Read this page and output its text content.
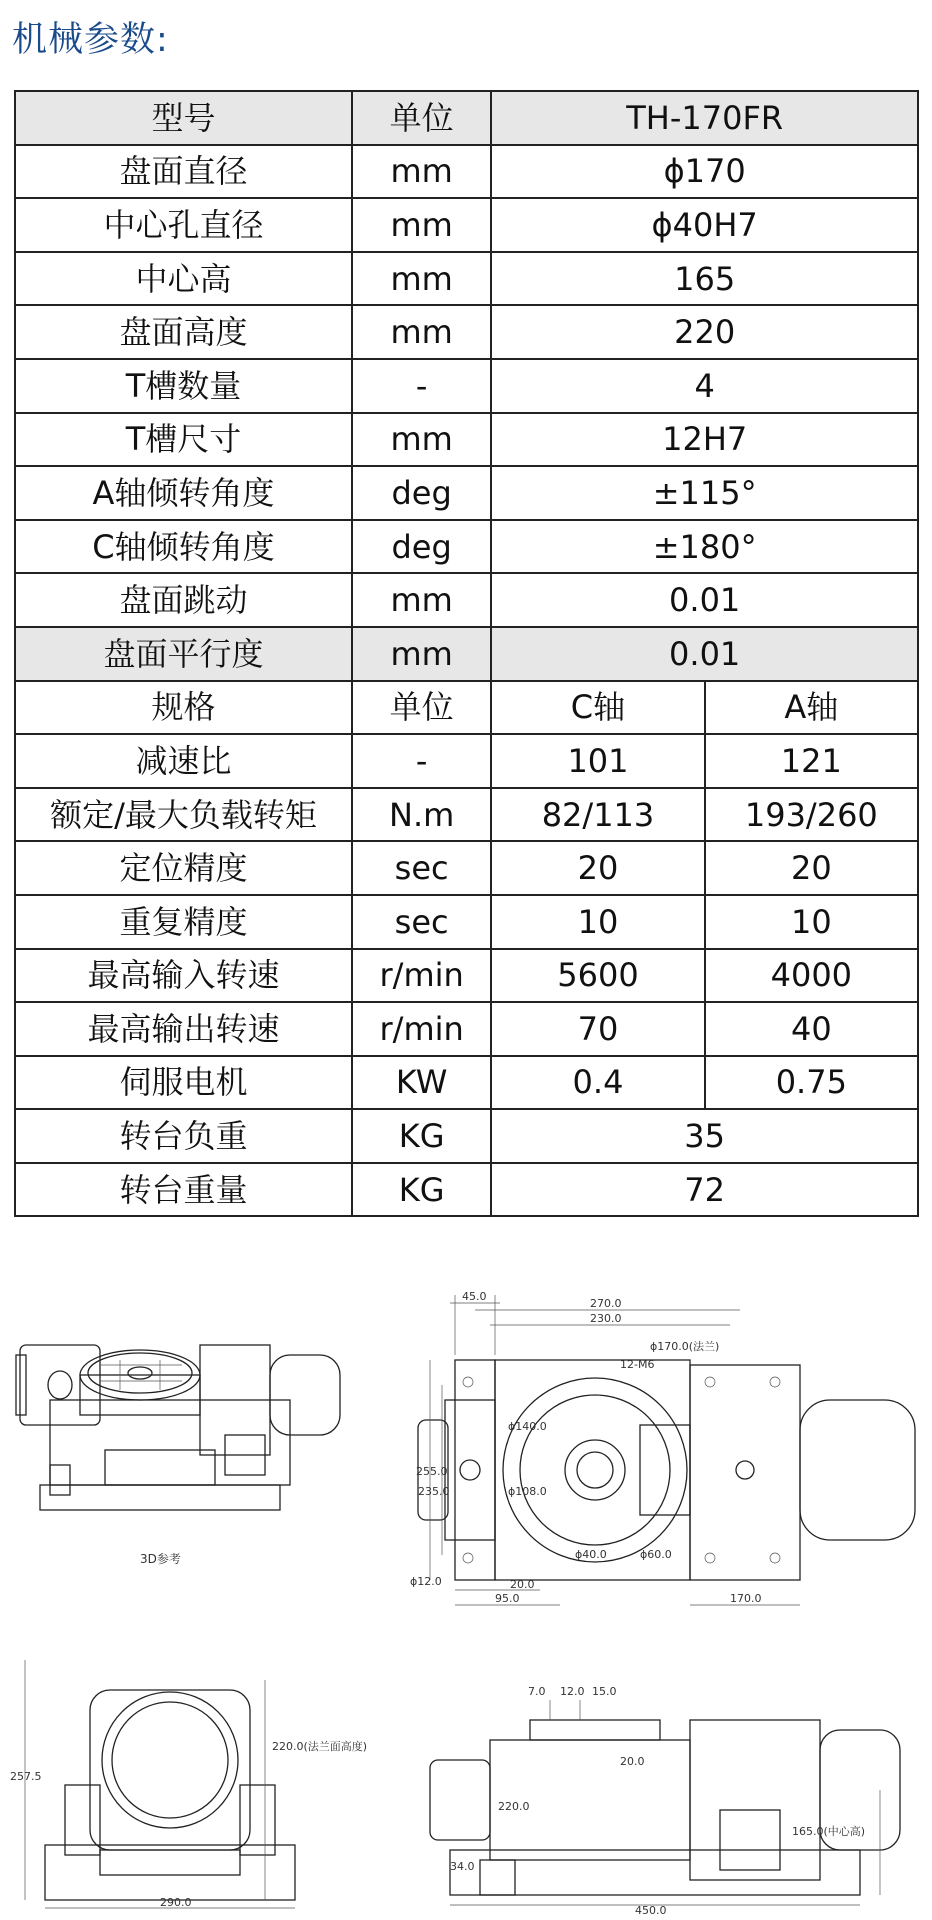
机械参数:
型号	单位	TH-170FR	
盘面直径	mm	ϕ170	
中心孔直径	mm	ϕ40H7	
中心高	mm	165	
盘面高度	mm	220	
T槽数量	-	4	
T槽尺寸	mm	12H7	
A轴倾转角度	deg	±115°	
C轴倾转角度	deg	±180°	
盘面跳动	mm	0.01	
盘面平行度	mm	0.01	
规格	单位	C轴	A轴
减速比	-	101	121
额定/最大负载转矩	N.m	82/113	193/260
定位精度	sec	20	20
重复精度	sec	10	10
最高输入转速	r/min	5600	4000
最高输出转速	r/min	70	40
伺服电机	KW	0.4	0.75
转台负重	KG	35	
转台重量	KG	72	
3D参考
45.0
270.0
230.0
12-M6
ϕ170.0(法兰)
255.0
235.0
ϕ140.0
ϕ108.0
ϕ40.0	ϕ60.0
ϕ12.0	20.0
95.0	170.0
257.5
220.0(法兰面高度)
290.0
7.0 12.0 15.0
20.0
220.0
34.0
450.0
165.0(中心高)
